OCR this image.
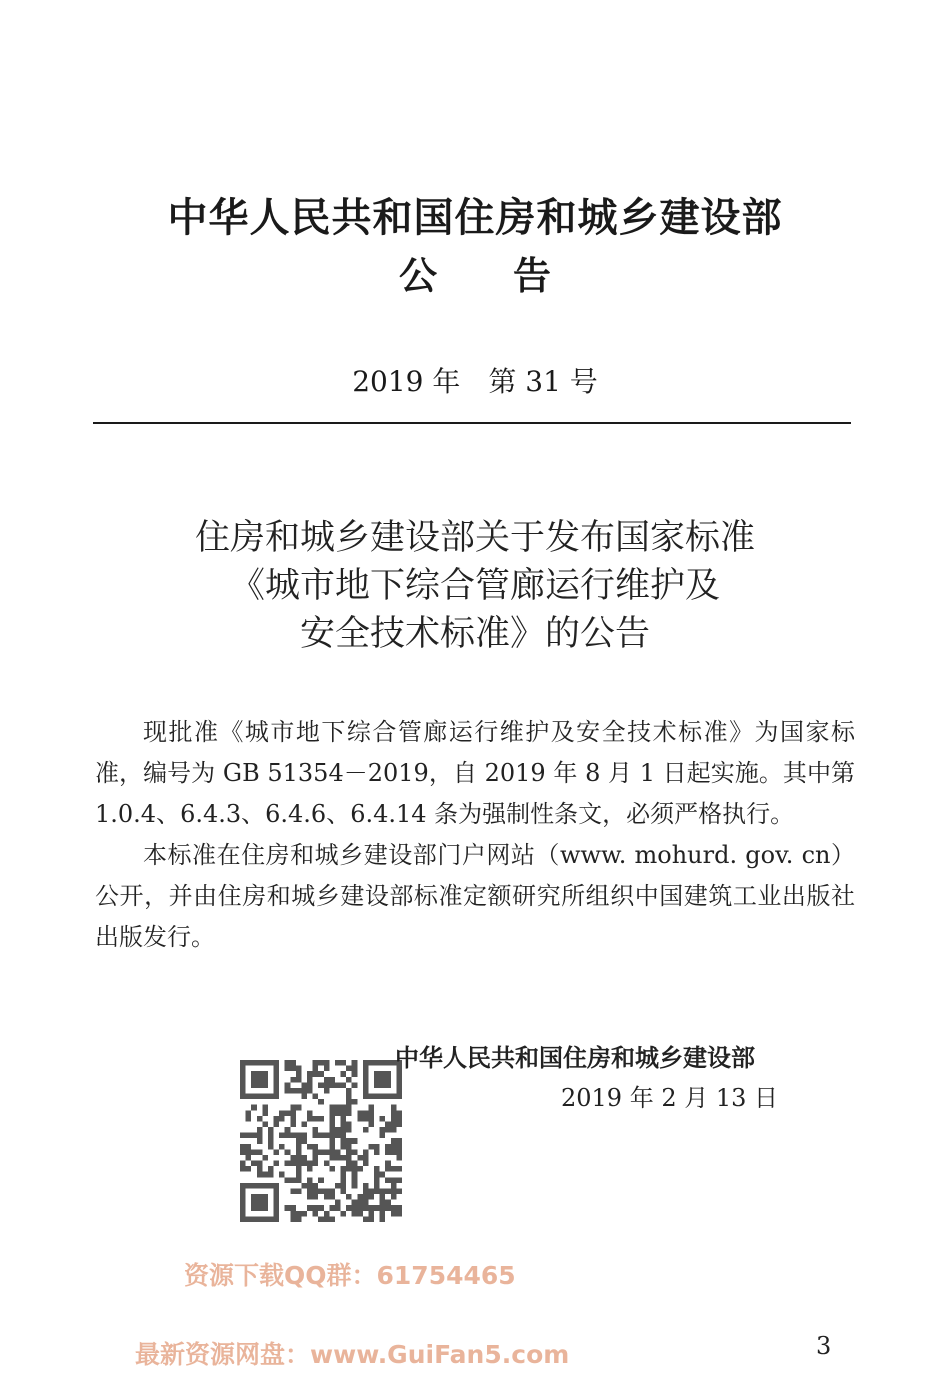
中华人民共和国住房和城乡建设部
公　　告
2019 年　第 31 号
住房和城乡建设部关于发布国家标准
《城市地下综合管廊运行维护及
安全技术标准》的公告

现批准《城市地下综合管廊运行维护及安全技术标准》为国家标准，编号为 GB 51354－2019，自 2019 年 8 月 1 日起实施。其中第 1.0.4、6.4.3、6.4.6、6.4.14 条为强制性条文，必须严格执行。

本标准在住房和城乡建设部门户网站（www. mohurd. gov. cn）公开，并由住房和城乡建设部标准定额研究所组织中国建筑工业出版社出版发行。

中华人民共和国住房和城乡建设部
2019 年 2 月 13 日
资源下载QQ群：61754465
最新资源网盘：www.GuiFan5.com	3
